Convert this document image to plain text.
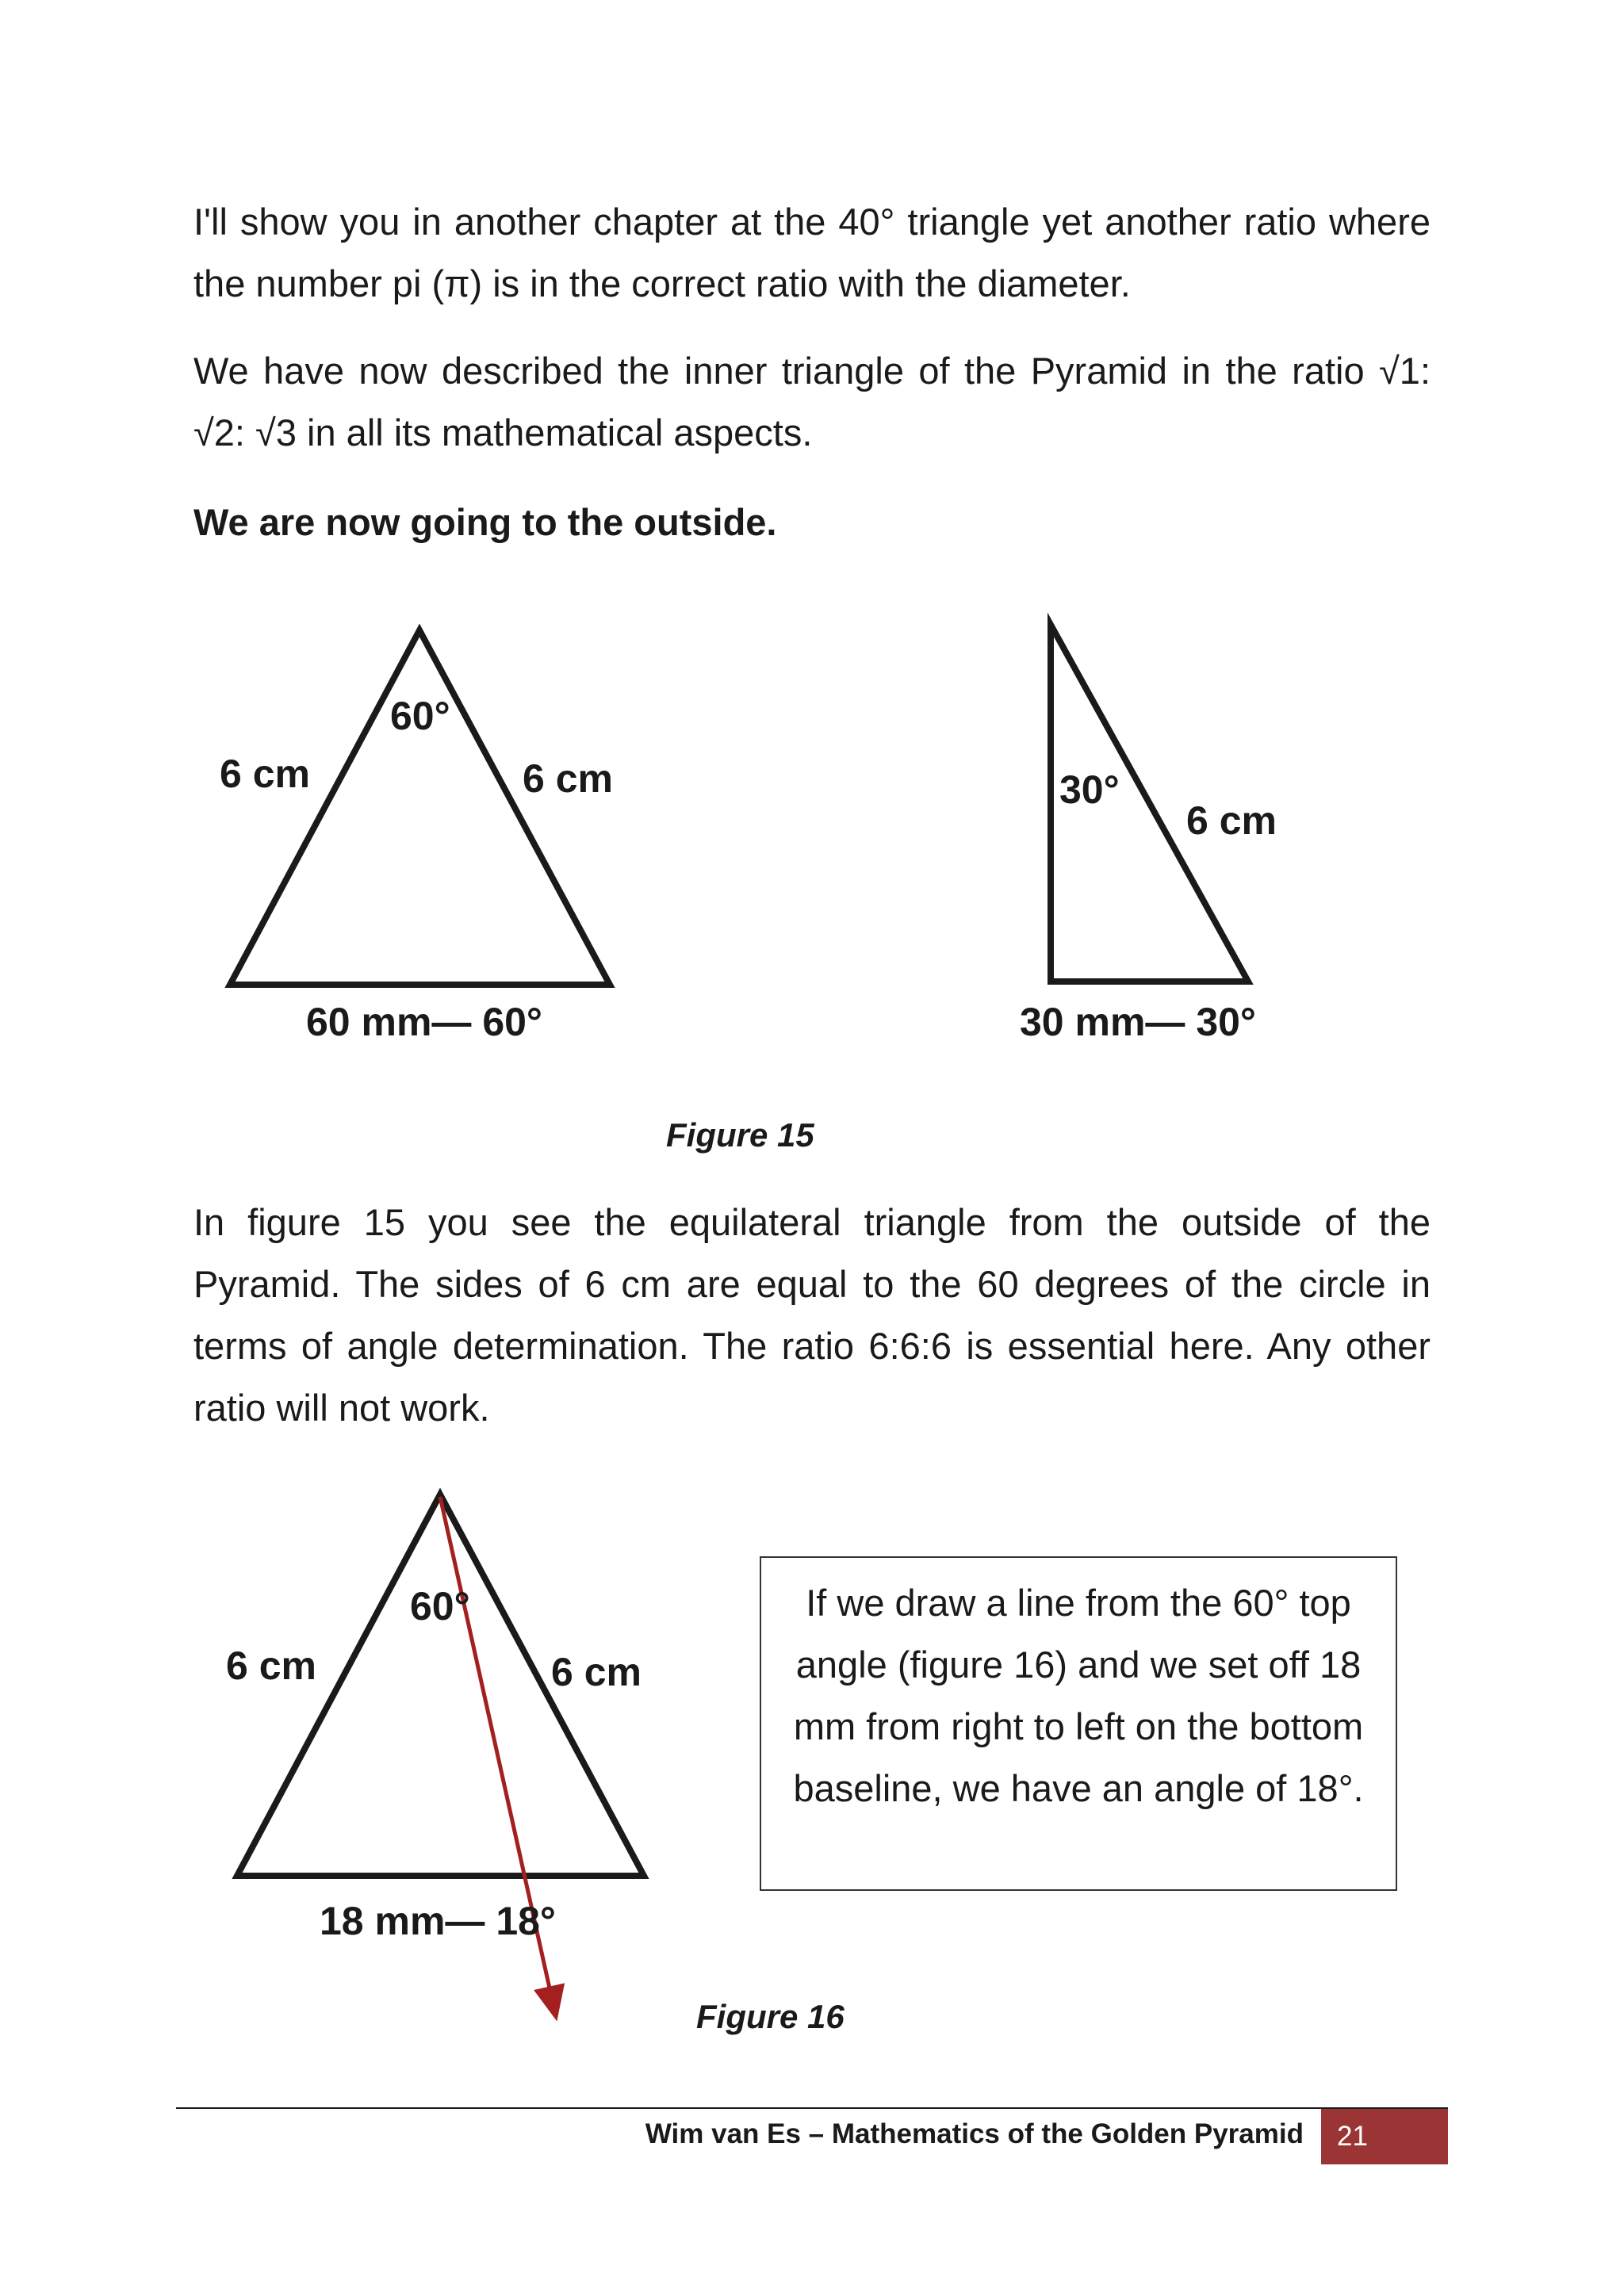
I'll show you in another chapter at the 40° triangle yet another ratio where the number pi (π) is in the correct ratio with the diameter.

We have now described the inner triangle of the Pyramid in the ratio √1: √2: √3 in all its mathematical aspects.

We are now going to the outside.

60°
6 cm	6 cm
60 mm— 60°
30°
6 cm
30 mm— 30°

Figure 15

In figure 15 you see the equilateral triangle from the outside of the Pyramid. The sides of 6 cm are equal to the 60 degrees of the circle in terms of angle determination. The ratio 6:6:6 is essential here. Any other ratio will not work.

60°
6 cm	6 cm
18 mm— 18°
If we draw a line from the 60° top angle (figure 16) and we set off 18 mm from right to left on the bottom baseline, we have an angle of 18°.

Figure 16

Wim van Es – Mathematics of the Golden Pyramid	21
